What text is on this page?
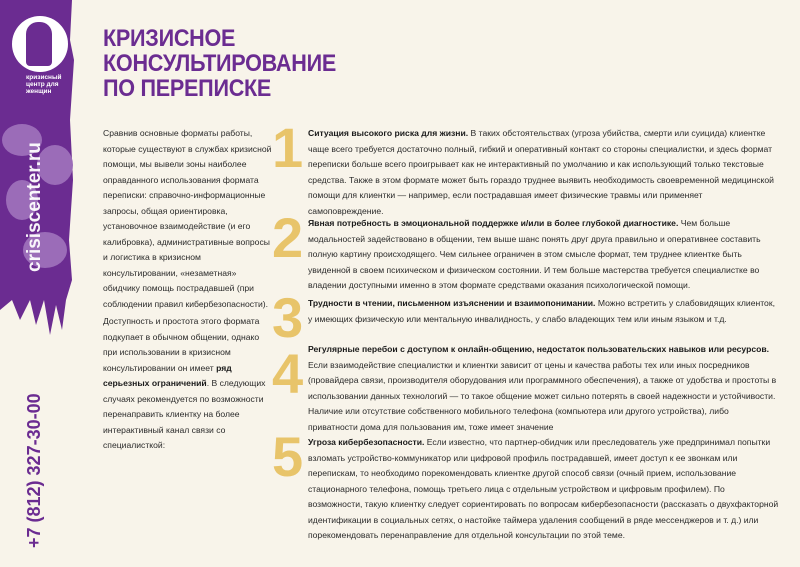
кризисный центр для женщин
crisiscenter.ru
+7 (812) 327-30-00
КРИЗИСНОЕ
КОНСУЛЬТИРОВАНИЕ
ПО ПЕРЕПИСКЕ

Сравнив основные форматы работы, которые существуют в службах кризисной помощи, мы вывели зоны наиболее оправданного использования формата переписки: справочно-информационные запросы, общая ориентировка, установочное взаимодействие (и его калибровка), административные вопросы и логистика в кризисном консультировании, «незаметная» обидчику помощь пострадавшей (при соблюдении правил кибербезопасности).

Доступность и простота этого формата подкупает в обычном общении, однако при использовании в кризисном консультировании он имеет ряд серьезных ограничений. В следующих случаях рекомендуется по возможности перенаправить клиентку на более интерактивный канал связи со специалисткой:

1 Ситуация высокого риска для жизни. В таких обстоятельствах (угроза убийства, смерти или суицида) клиентке чаще всего требуется достаточно полный, гибкий и оперативный контакт со стороны специалистки, и здесь формат переписки больше всего проигрывает как не интерактивный по умолчанию и как использующий только текстовые средства. Также в этом формате может быть гораздо труднее выявить необходимость своевременной медицинской помощи для клиентки — например, если пострадавшая имеет физические травмы или применяет самоповреждение.

2 Явная потребность в эмоциональной поддержке и/или в более глубокой диагностике. Чем больше модальностей задействовано в общении, тем выше шанс понять друг друга правильно и оперативнее составить полную картину происходящего. Чем сильнее ограничен в этом смысле формат, тем труднее клиентке быть увиденной в своем психическом и физическом состоянии. И тем больше мастерства требуется специалистке во владении доступными именно в этом формате средствами оказания психологической помощи.

3 Трудности в чтении, письменном изъяснении и взаимопонимании. Можно встретить у слабовидящих клиенток, у имеющих физическую или ментальную инвалидность, у слабо владеющих тем или иным языком и т.д.

4 Регулярные перебои с доступом к онлайн-общению, недостаток пользовательских навыков или ресурсов. Если взаимодействие специалистки и клиентки зависит от цены и качества работы тех или иных посредников (провайдера связи, производителя оборудования или программного обеспечения), а также от удобства и простоты в использовании данных технологий — то такое общение может сильно потерять в своей надежности и устойчивости. Наличие или отсутствие собственного мобильного телефона (компьютера или другого устройства), либо приватности дома для пользования им, тоже имеет значение

5 Угроза кибербезопасности. Если известно, что партнер-обидчик или преследователь уже предпринимал попытки взломать устройство-коммуникатор или цифровой профиль пострадавшей, имеет доступ к ее звонкам или перепискам, то необходимо порекомендовать клиентке другой способ связи (очный прием, использование стационарного телефона, помощь третьего лица с отдельным устройством и цифровым профилем). По возможности, такую клиентку следует сориентировать по вопросам кибербезопасности (рассказать о двухфакторной идентификации в социальных сетях, о настойке таймера удаления сообщений в ряде мессенджеров и т. д.) или порекомендовать перенаправление для отдельной консультации по этой теме.
